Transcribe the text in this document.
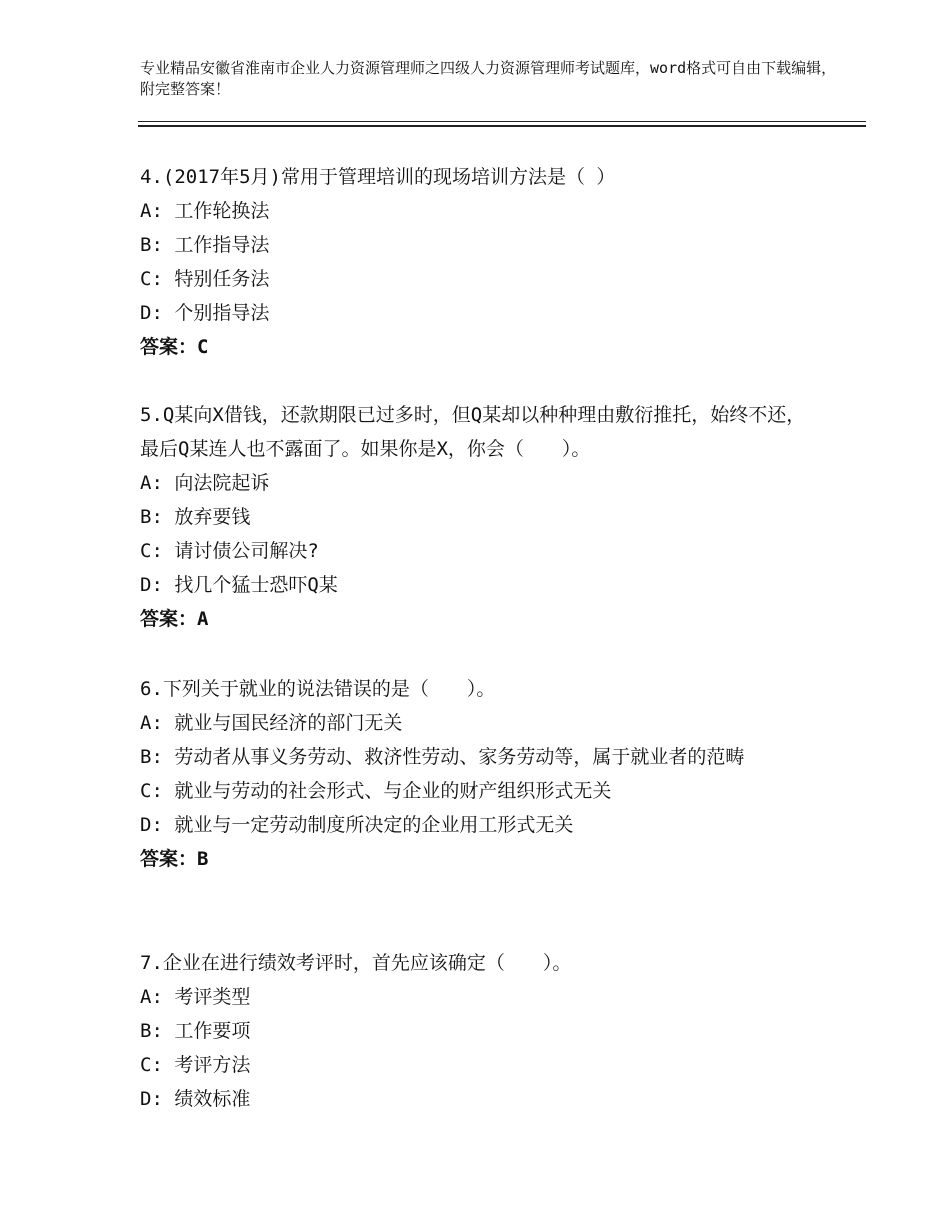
专业精品安徽省淮南市企业人力资源管理师之四级人力资源管理师考试题库，word格式可自由下载编辑，附完整答案！

4.(2017年5月)常用于管理培训的现场培训方法是（ ）

A: 工作轮换法

B: 工作指导法

C: 特别任务法

D: 个别指导法

答案：C

5.Q某向X借钱，还款期限已过多时，但Q某却以种种理由敷衍推托，始终不还，最后Q某连人也不露面了。如果你是X，你会（　　）。

A: 向法院起诉

B: 放弃要钱

C: 请讨债公司解决?

D: 找几个猛士恐吓Q某

答案：A

6.下列关于就业的说法错误的是（　　）。

A: 就业与国民经济的部门无关

B: 劳动者从事义务劳动、救济性劳动、家务劳动等，属于就业者的范畴

C: 就业与劳动的社会形式、与企业的财产组织形式无关

D: 就业与一定劳动制度所决定的企业用工形式无关

答案：B

7.企业在进行绩效考评时，首先应该确定（　　）。

A: 考评类型

B: 工作要项

C: 考评方法

D: 绩效标准
